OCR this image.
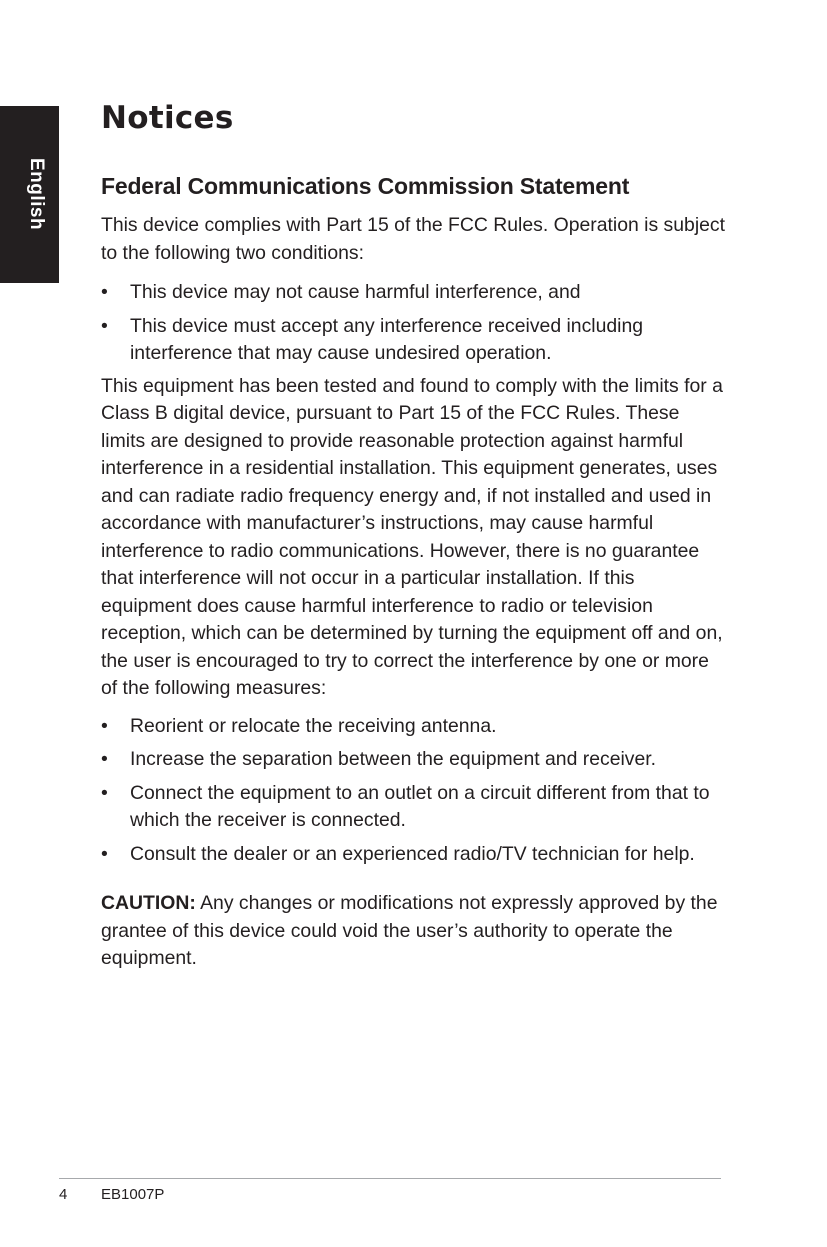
English
Notices
Federal Communications Commission Statement

This device complies with Part 15 of the FCC Rules. Operation is subject to the following two conditions:

• This device may not cause harmful interference, and
• This device must accept any interference received including interference that may cause undesired operation.

This equipment has been tested and found to comply with the limits for a Class B digital device, pursuant to Part 15 of the FCC Rules. These limits are designed to provide reasonable protection against harmful interference in a residential installation. This equipment generates, uses and can radiate radio frequency energy and, if not installed and used in accordance with manufacturer’s instructions, may cause harmful interference to radio communications. However, there is no guarantee that interference will not occur in a particular installation. If this equipment does cause harmful interference to radio or television reception, which can be determined by turning the equipment off and on, the user is encouraged to try to correct the interference by one or more of the following measures:

• Reorient or relocate the receiving antenna.
• Increase the separation between the equipment and receiver.
• Connect the equipment to an outlet on a circuit different from that to which the receiver is connected.
• Consult the dealer or an experienced radio/TV technician for help.

CAUTION: Any changes or modifications not expressly approved by the grantee of this device could void the user’s authority to operate the equipment.

4 EB1007P
